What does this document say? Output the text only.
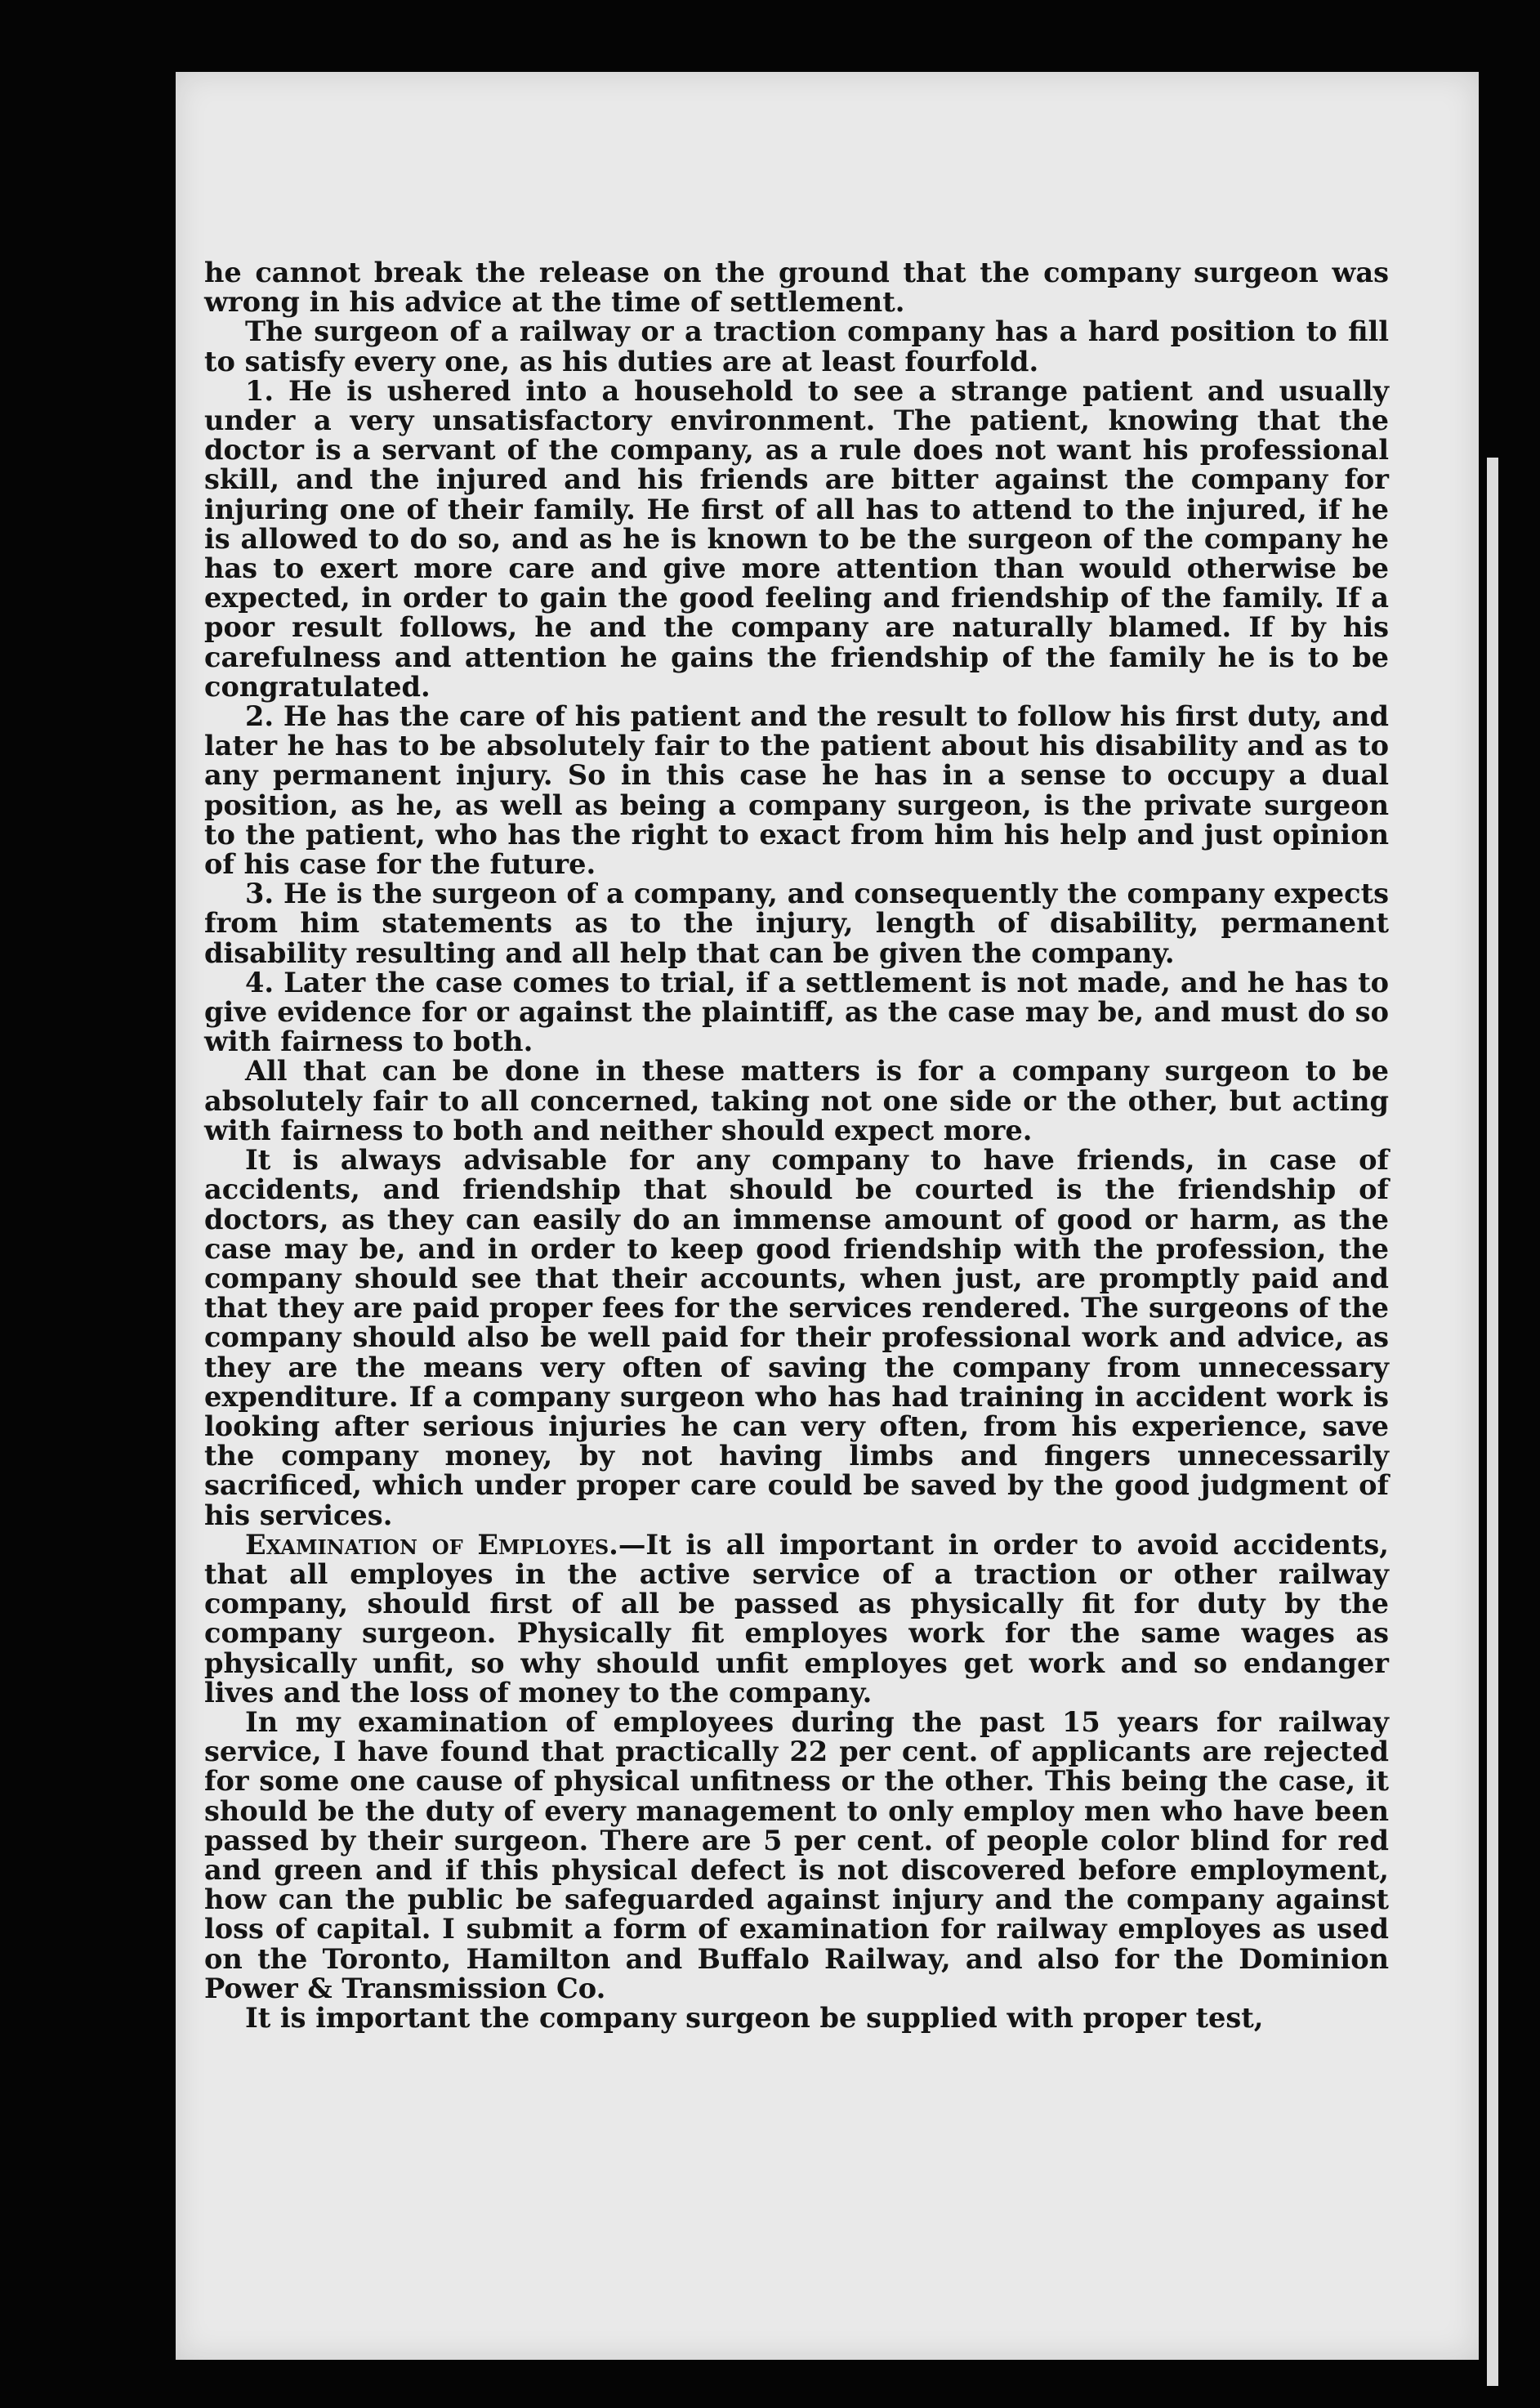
he cannot break the release on the ground that the company surgeon was wrong in his advice at the time of settlement.

The surgeon of a railway or a traction company has a hard position to fill to satisfy every one, as his duties are at least fourfold.

1. He is ushered into a household to see a strange patient and usually under a very unsatisfactory environment. The patient, knowing that the doctor is a servant of the company, as a rule does not want his professional skill, and the injured and his friends are bitter against the company for injuring one of their family. He first of all has to attend to the injured, if he is allowed to do so, and as he is known to be the surgeon of the company he has to exert more care and give more attention than would otherwise be expected, in order to gain the good feeling and friendship of the family. If a poor result follows, he and the company are naturally blamed. If by his carefulness and attention he gains the friendship of the family he is to be congratulated.

2. He has the care of his patient and the result to follow his first duty, and later he has to be absolutely fair to the patient about his disability and as to any permanent injury. So in this case he has in a sense to occupy a dual position, as he, as well as being a company surgeon, is the private surgeon to the patient, who has the right to exact from him his help and just opinion of his case for the future.

3. He is the surgeon of a company, and consequently the company expects from him statements as to the injury, length of disability, permanent disability resulting and all help that can be given the company.

4. Later the case comes to trial, if a settlement is not made, and he has to give evidence for or against the plaintiff, as the case may be, and must do so with fairness to both.

All that can be done in these matters is for a company surgeon to be absolutely fair to all concerned, taking not one side or the other, but acting with fairness to both and neither should expect more.

It is always advisable for any company to have friends, in case of accidents, and friendship that should be courted is the friendship of doctors, as they can easily do an immense amount of good or harm, as the case may be, and in order to keep good friendship with the profession, the company should see that their accounts, when just, are promptly paid and that they are paid proper fees for the services rendered. The surgeons of the company should also be well paid for their professional work and advice, as they are the means very often of saving the company from unnecessary expenditure. If a company surgeon who has had training in accident work is looking after serious injuries he can very often, from his experience, save the company money, by not having limbs and fingers unnecessarily sacrificed, which under proper care could be saved by the good judgment of his services.

Examination of Employes.—It is all important in order to avoid accidents, that all employes in the active service of a traction or other railway company, should first of all be passed as physically fit for duty by the company surgeon. Physically fit employes work for the same wages as physically unfit, so why should unfit employes get work and so endanger lives and the loss of money to the company.

In my examination of employees during the past 15 years for railway service, I have found that practically 22 per cent. of applicants are rejected for some one cause of physical unfitness or the other. This being the case, it should be the duty of every management to only employ men who have been passed by their surgeon. There are 5 per cent. of people color blind for red and green and if this physical defect is not discovered before employment, how can the public be safeguarded against injury and the company against loss of capital. I submit a form of examination for railway employes as used on the Toronto, Hamilton and Buffalo Railway, and also for the Dominion Power & Transmission Co.

It is important the company surgeon be supplied with proper test,
